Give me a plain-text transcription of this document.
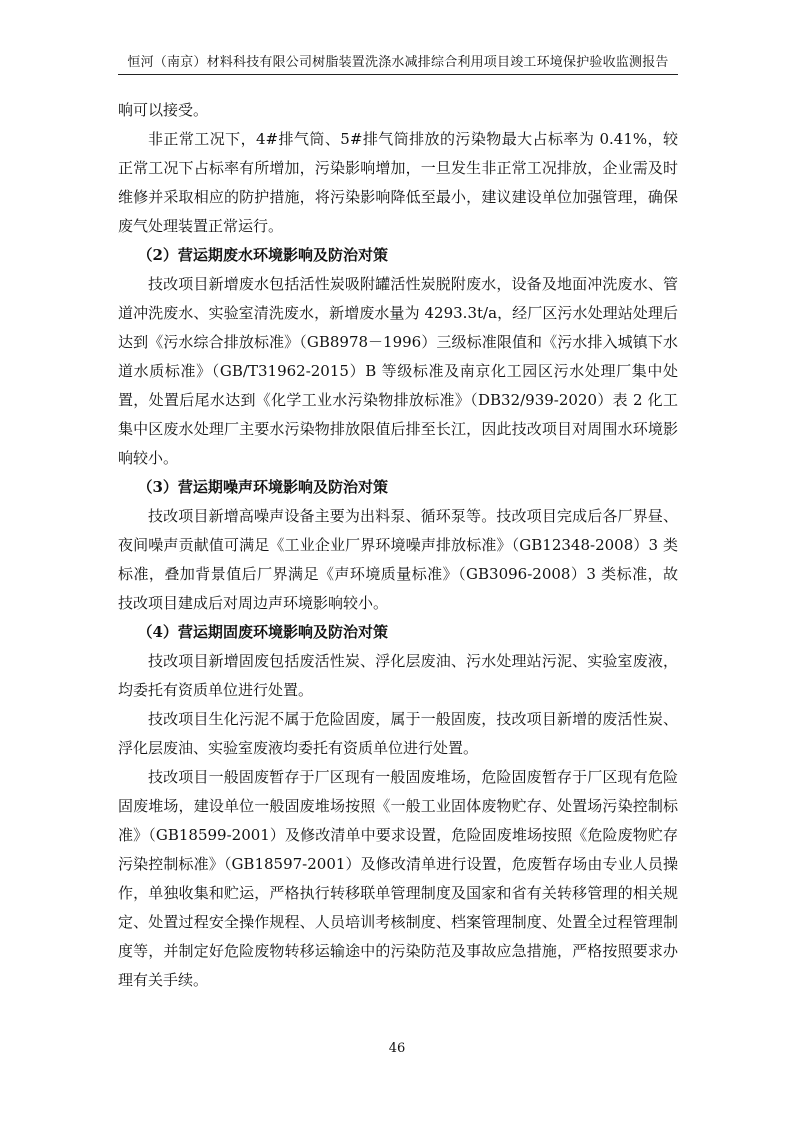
恒河（南京）材料科技有限公司树脂装置洗涤水减排综合利用项目竣工环境保护验收监测报告

响可以接受。

非正常工况下，4#排气筒、5#排气筒排放的污染物最大占标率为 0.41%，较正常工况下占标率有所增加，污染影响增加，一旦发生非正常工况排放，企业需及时维修并采取相应的防护措施，将污染影响降低至最小，建议建设单位加强管理，确保废气处理装置正常运行。

（2）营运期废水环境影响及防治对策

技改项目新增废水包括活性炭吸附罐活性炭脱附废水，设备及地面冲洗废水、管道冲洗废水、实验室清洗废水，新增废水量为 4293.3t/a，经厂区污水处理站处理后达到《污水综合排放标准》（GB8978－1996）三级标准限值和《污水排入城镇下水道水质标准》（GB/T31962-2015）B 等级标准及南京化工园区污水处理厂集中处置，处置后尾水达到《化学工业水污染物排放标准》（DB32/939-2020）表 2 化工集中区废水处理厂主要水污染物排放限值后排至长江，因此技改项目对周围水环境影响较小。

（3）营运期噪声环境影响及防治对策

技改项目新增高噪声设备主要为出料泵、循环泵等。技改项目完成后各厂界昼、夜间噪声贡献值可满足《工业企业厂界环境噪声排放标准》（GB12348-2008）3 类标准，叠加背景值后厂界满足《声环境质量标准》（GB3096-2008）3 类标准，故技改项目建成后对周边声环境影响较小。

（4）营运期固废环境影响及防治对策

技改项目新增固废包括废活性炭、浮化层废油、污水处理站污泥、实验室废液，均委托有资质单位进行处置。

技改项目生化污泥不属于危险固废，属于一般固废，技改项目新增的废活性炭、浮化层废油、实验室废液均委托有资质单位进行处置。

技改项目一般固废暂存于厂区现有一般固废堆场，危险固废暂存于厂区现有危险固废堆场，建设单位一般固废堆场按照《一般工业固体废物贮存、处置场污染控制标准》（GB18599-2001）及修改清单中要求设置，危险固废堆场按照《危险废物贮存污染控制标准》（GB18597-2001）及修改清单进行设置，危废暂存场由专业人员操作，单独收集和贮运，严格执行转移联单管理制度及国家和省有关转移管理的相关规定、处置过程安全操作规程、人员培训考核制度、档案管理制度、处置全过程管理制度等，并制定好危险废物转移运输途中的污染防范及事故应急措施，严格按照要求办理有关手续。

46
